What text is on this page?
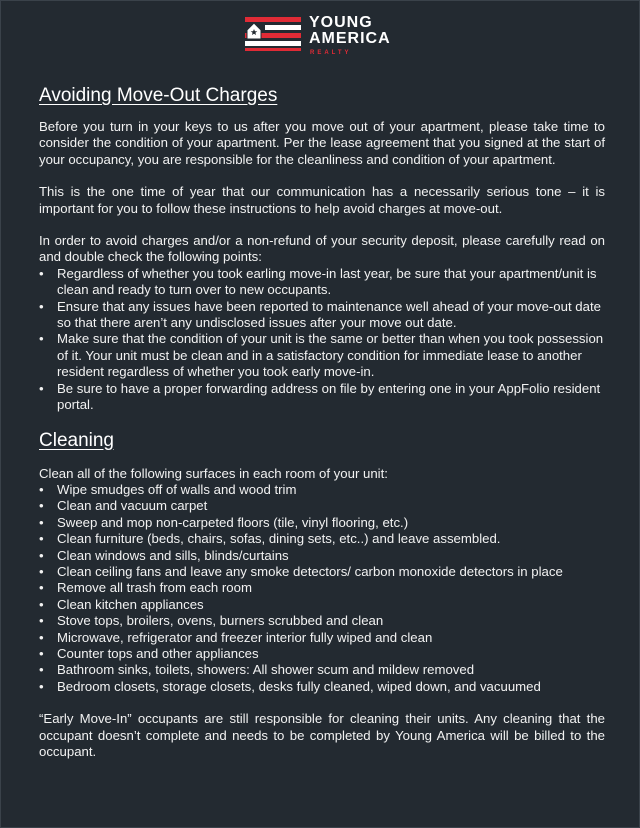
YOUNG
AMERICA
REALTY
Avoiding Move-Out Charges

Before you turn in your keys to us after you move out of your apartment, please take time to consider the condition of your apartment. Per the lease agreement that you signed at the start of your occupancy, you are responsible for the cleanliness and condition of your apartment.

This is the one time of year that our communication has a necessarily serious tone – it is important for you to follow these instructions to help avoid charges at move-out.

In order to avoid charges and/or a non-refund of your security deposit, please carefully read on and double check the following points:

• Regardless of whether you took earling move-in last year, be sure that your apartment/unit is clean and ready to turn over to new occupants.
• Ensure that any issues have been reported to maintenance well ahead of your move-out date so that there aren’t any undisclosed issues after your move out date.
• Make sure that the condition of your unit is the same or better than when you took possession of it. Your unit must be clean and in a satisfactory condition for immediate lease to another resident regardless of whether you took early move-in.
• Be sure to have a proper forwarding address on file by entering one in your AppFolio resident portal.
Cleaning

Clean all of the following surfaces in each room of your unit:

• Wipe smudges off of walls and wood trim
• Clean and vacuum carpet
• Sweep and mop non-carpeted floors (tile, vinyl flooring, etc.)
• Clean furniture (beds, chairs, sofas, dining sets, etc..) and leave assembled.
• Clean windows and sills, blinds/curtains
• Clean ceiling fans and leave any smoke detectors/ carbon monoxide detectors in place
• Remove all trash from each room
• Clean kitchen appliances
• Stove tops, broilers, ovens, burners scrubbed and clean
• Microwave, refrigerator and freezer interior fully wiped and clean
• Counter tops and other appliances
• Bathroom sinks, toilets, showers: All shower scum and mildew removed
• Bedroom closets, storage closets, desks fully cleaned, wiped down, and vacuumed

“Early Move-In” occupants are still responsible for cleaning their units. Any cleaning that the occupant doesn’t complete and needs to be completed by Young America will be billed to the occupant.
